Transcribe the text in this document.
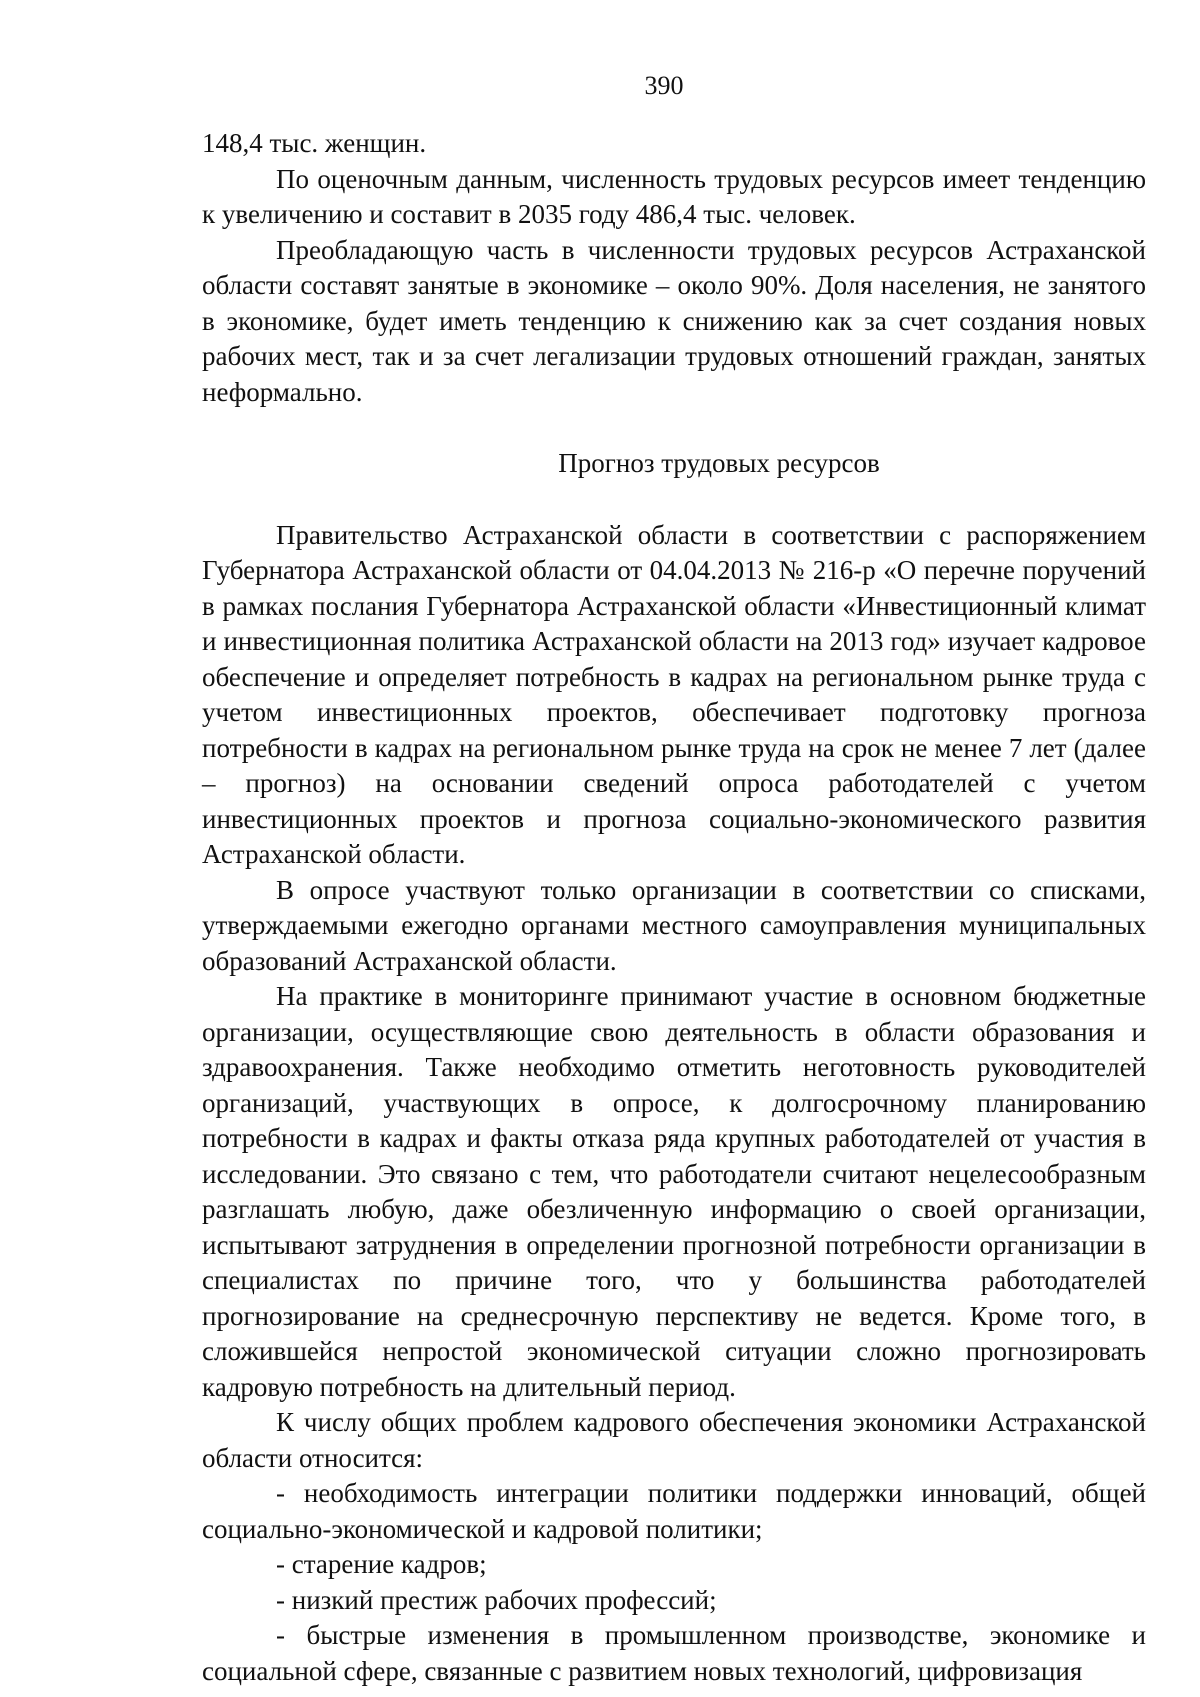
390

148,4 тыс. женщин.

По оценочным данным, численность трудовых ресурсов имеет тенденцию к увеличению и составит в 2035 году 486,4 тыс. человек.

Преобладающую часть в численности трудовых ресурсов Астраханской области составят занятые в экономике – около 90%. Доля населения, не занятого в экономике, будет иметь тенденцию к снижению как за счет создания новых рабочих мест, так и за счет легализации трудовых отношений граждан, занятых неформально.

Прогноз трудовых ресурсов

Правительство Астраханской области в соответствии с распоряжением Губернатора Астраханской области от 04.04.2013 № 216-р «О перечне поручений в рамках послания Губернатора Астраханской области «Инвестиционный климат и инвестиционная политика Астраханской области на 2013 год» изучает кадровое обеспечение и определяет потребность в кадрах на региональном рынке труда с учетом инвестиционных проектов, обеспечивает подготовку прогноза потребности в кадрах на региональном рынке труда на срок не менее 7 лет (далее – прогноз) на основании сведений опроса работодателей с учетом инвестиционных проектов и прогноза социально-экономического развития Астраханской области.

В опросе участвуют только организации в соответствии со списками, утверждаемыми ежегодно органами местного самоуправления муниципальных образований Астраханской области.

На практике в мониторинге принимают участие в основном бюджетные организации, осуществляющие свою деятельность в области образования и здравоохранения. Также необходимо отметить неготовность руководителей организаций, участвующих в опросе, к долгосрочному планированию потребности в кадрах и факты отказа ряда крупных работодателей от участия в исследовании. Это связано с тем, что работодатели считают нецелесообразным разглашать любую, даже обезличенную информацию о своей организации, испытывают затруднения в определении прогнозной потребности организации в специалистах по причине того, что у большинства работодателей прогнозирование на среднесрочную перспективу не ведется. Кроме того, в сложившейся непростой экономической ситуации сложно прогнозировать кадровую потребность на длительный период.

К числу общих проблем кадрового обеспечения экономики Астраханской области относится:

- необходимость интеграции политики поддержки инноваций, общей социально-экономической и кадровой политики;
- старение кадров;
- низкий престиж рабочих профессий;
- быстрые изменения в промышленном производстве, экономике и социальной сфере, связанные с развитием новых технологий, цифровизация
